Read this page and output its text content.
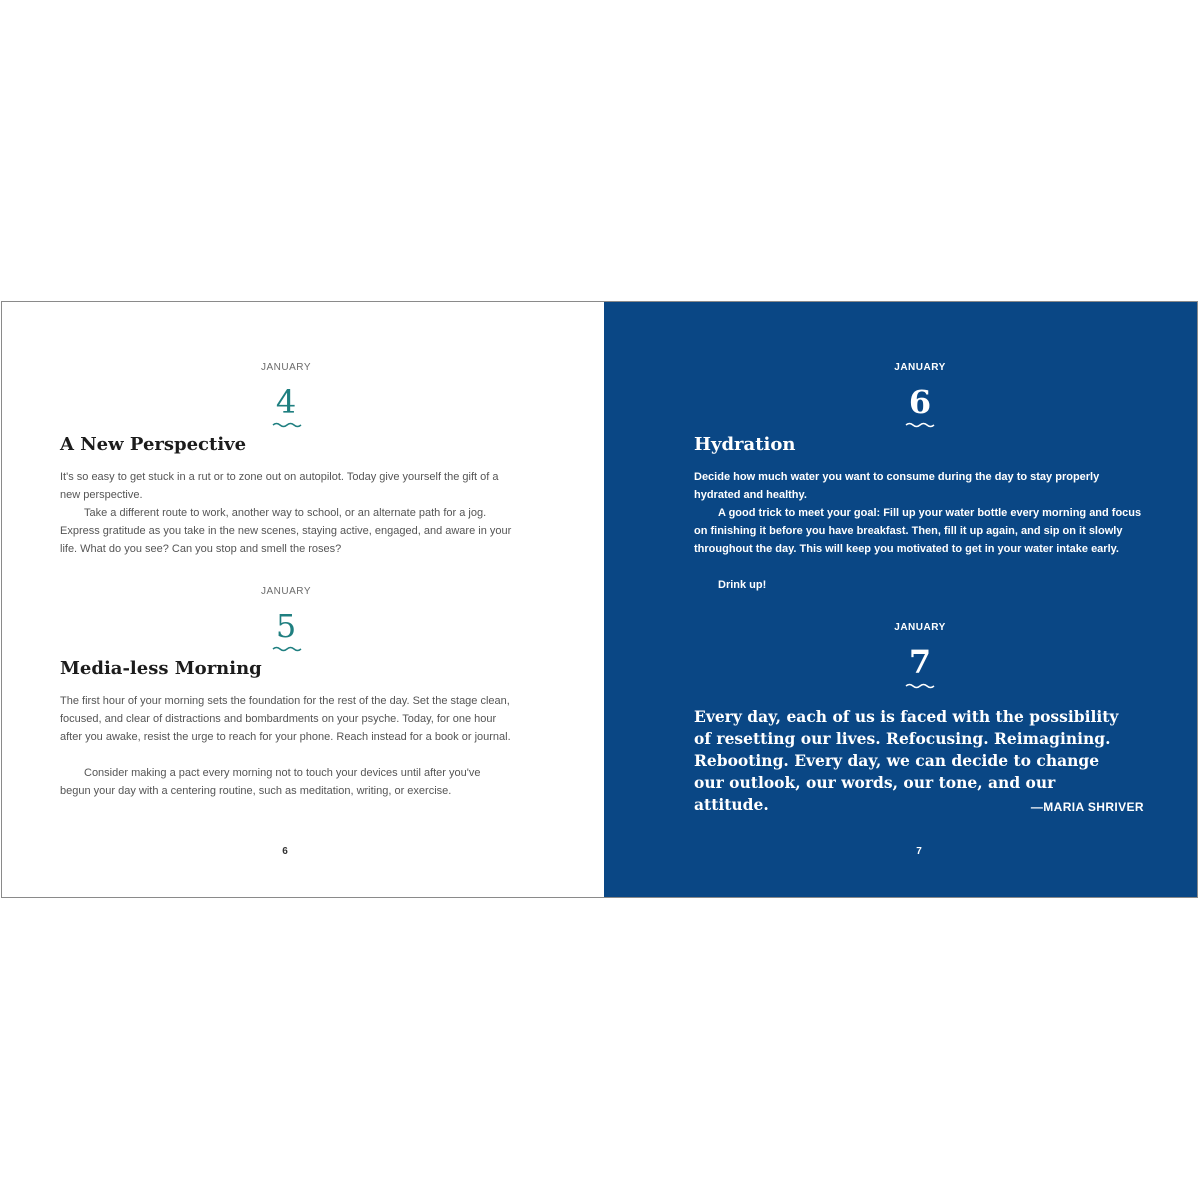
JANUARY
4
A New Perspective

It's so easy to get stuck in a rut or to zone out on autopilot. Today give yourself the gift of a new perspective.

Take a different route to work, another way to school, or an alternate path for a jog. Express gratitude as you take in the new scenes, staying active, engaged, and aware in your life. What do you see? Can you stop and smell the roses?

JANUARY
5
Media-less Morning

The first hour of your morning sets the foundation for the rest of the day. Set the stage clean, focused, and clear of distractions and bombardments on your psyche. Today, for one hour after you awake, resist the urge to reach for your phone. Reach instead for a book or journal.

Consider making a pact every morning not to touch your devices until after you've begun your day with a centering routine, such as meditation, writing, or exercise.

6
JANUARY
6
Hydration

Decide how much water you want to consume during the day to stay properly hydrated and healthy.

A good trick to meet your goal: Fill up your water bottle every morning and focus on finishing it before you have breakfast. Then, fill it up again, and sip on it slowly throughout the day. This will keep you motivated to get in your water intake early.

Drink up!

JANUARY
7

Every day, each of us is faced with the possibility of resetting our lives. Refocusing. Reimagining. Rebooting. Every day, we can decide to change our outlook, our words, our tone, and our attitude.	—MARIA SHRIVER
7
